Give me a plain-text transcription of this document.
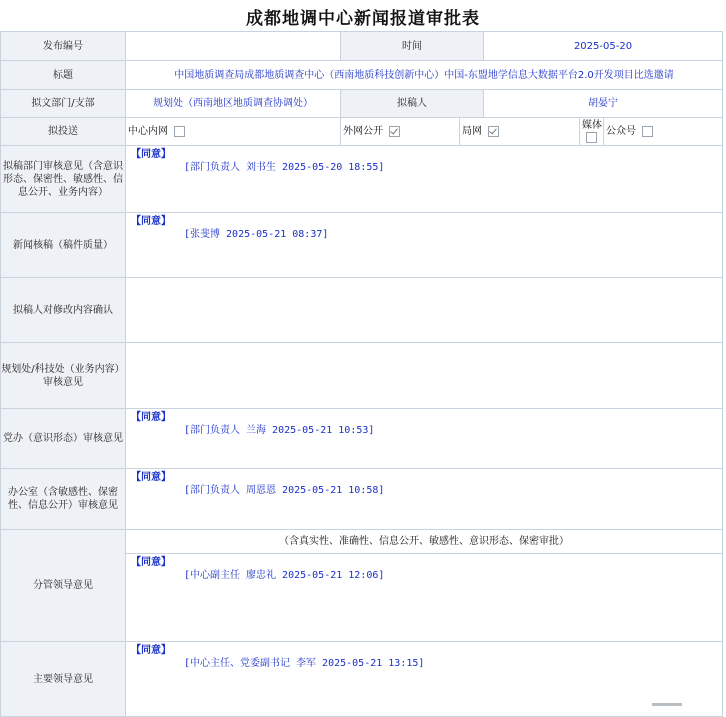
成都地调中心新闻报道审批表
发布编号		时间		2025-05-20		
标题	中国地质调查局成都地质调查中心（西南地质科技创新中心）中国-东盟地学信息大数据平台2.0开发项目比选邀请					
拟文部门/支部	规划处（西南地区地质调查协调处）	拟稿人		胡晏宁		
拟投送	中心内网	外网公开	局网		媒体	公众号
拟稿部门审核意见（含意识形态、保密性、敏感性、信息公开、业务内容）	【同意】
[部门负责人 刘书生 2025-05-20 18:55]					

新闻核稿（稿件质量）	【同意】
[张斐博 2025-05-21 08:37]					

拟稿人对修改内容确认						

规划处/科技处（业务内容）审核意见						

党办（意识形态）审核意见	【同意】
[部门负责人 兰海 2025-05-21 10:53]					

办公室（含敏感性、保密性、信息公开）审核意见	【同意】
[部门负责人 周恩恩 2025-05-21 10:58]					

分管领导意见	（含真实性、准确性、信息公开、敏感性、意识形态、保密审批）					

	【同意】
[中心副主任 廖忠礼 2025-05-21 12:06]					

主要领导意见	【同意】
[中心主任、党委副书记 李军 2025-05-21 13:15]					
